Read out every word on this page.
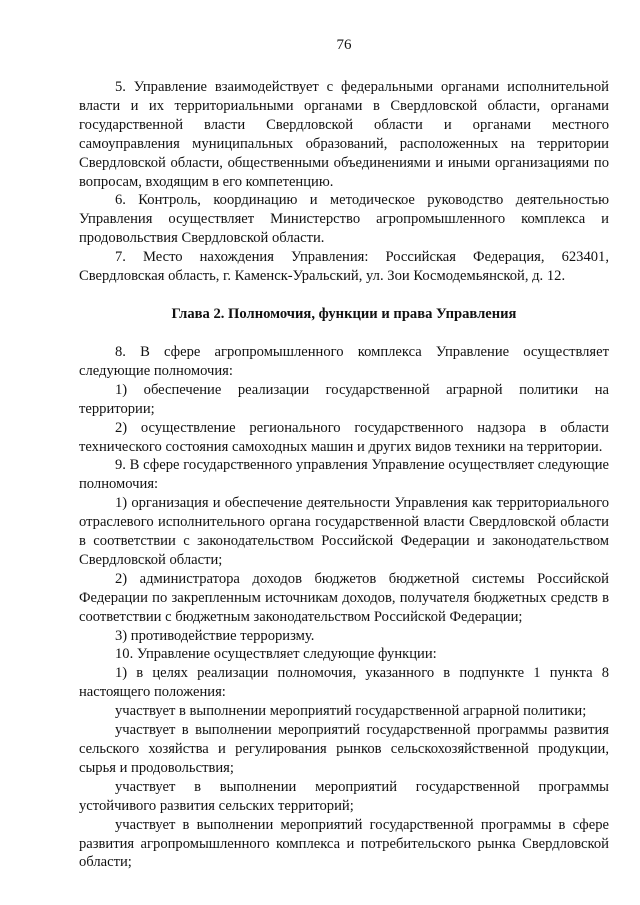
76

5. Управление взаимодействует с федеральными органами исполнительной власти и их территориальными органами в Свердловской области, органами государственной власти Свердловской области и органами местного самоуправления муниципальных образований, расположенных на территории Свердловской области, общественными объединениями и иными организациями по вопросам, входящим в его компетенцию.

6. Контроль, координацию и методическое руководство деятельностью Управления осуществляет Министерство агропромышленного комплекса и продовольствия Свердловской области.

7. Место нахождения Управления: Российская Федерация, 623401, Свердловская область, г. Каменск-Уральский, ул. Зои Космодемьянской, д. 12.

Глава 2. Полномочия, функции и права Управления

8. В сфере агропромышленного комплекса Управление осуществляет следующие полномочия:

1) обеспечение реализации государственной аграрной политики на территории;

2) осуществление регионального государственного надзора в области технического состояния самоходных машин и других видов техники на территории.

9. В сфере государственного управления Управление осуществляет следующие полномочия:

1) организация и обеспечение деятельности Управления как территориального отраслевого исполнительного органа государственной власти Свердловской области в соответствии с законодательством Российской Федерации и законодательством Свердловской области;

2) администратора доходов бюджетов бюджетной системы Российской Федерации по закрепленным источникам доходов, получателя бюджетных средств в соответствии с бюджетным законодательством Российской Федерации;

3) противодействие терроризму.

10. Управление осуществляет следующие функции:

1) в целях реализации полномочия, указанного в подпункте 1 пункта 8 настоящего положения:

участвует в выполнении мероприятий государственной аграрной политики;

участвует в выполнении мероприятий государственной программы развития сельского хозяйства и регулирования рынков сельскохозяйственной продукции, сырья и продовольствия;

участвует в выполнении мероприятий государственной программы устойчивого развития сельских территорий;

участвует в выполнении мероприятий государственной программы в сфере развития агропромышленного комплекса и потребительского рынка Свердловской области;
